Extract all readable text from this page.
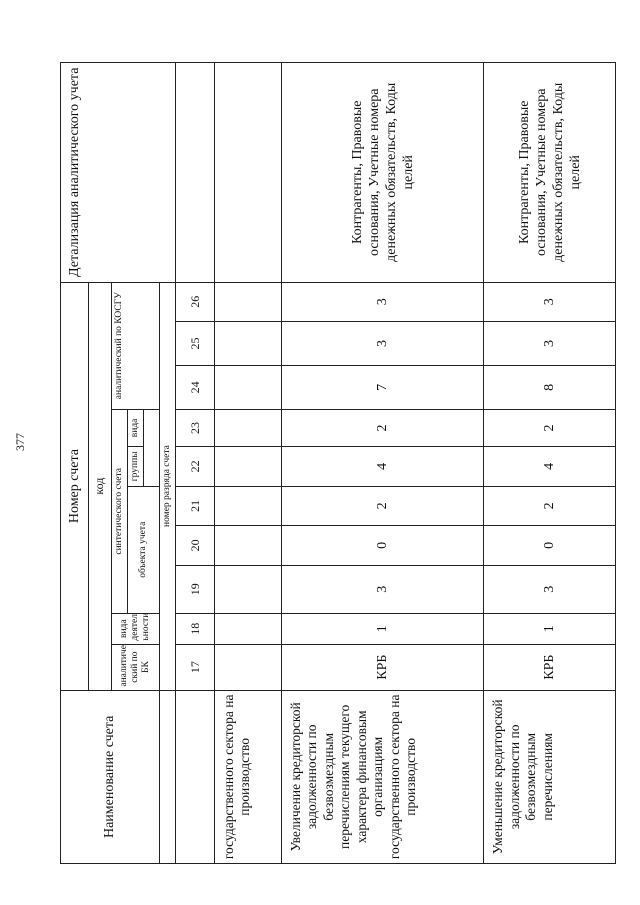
377
Наименование счета	Номер счета										Детализация аналитического учета
	код										
	аналитиче ский по БК	вида деятел ьности	синтетического счета					аналитический по КОСГУ			
			объекта учета			группы	вида				

	номер разряда счета										
	17	18	19	20	21	22	23	24	25	26	
государственного сектора на производство											
Увеличение кредиторской задолженности по безвозмездным перечислениям текущего характера финансовым организациям государственного сектора на производство	КРБ	1	3	0	2	4	2	7	3	3	Контрагенты, Правовые основания, Учетные номера денежных обязательств, Коды целей
Уменьшение кредиторской задолженности по безвозмездным перечислениям	КРБ	1	3	0	2	4	2	8	3	3	Контрагенты, Правовые основания, Учетные номера денежных обязательств, Коды целей
